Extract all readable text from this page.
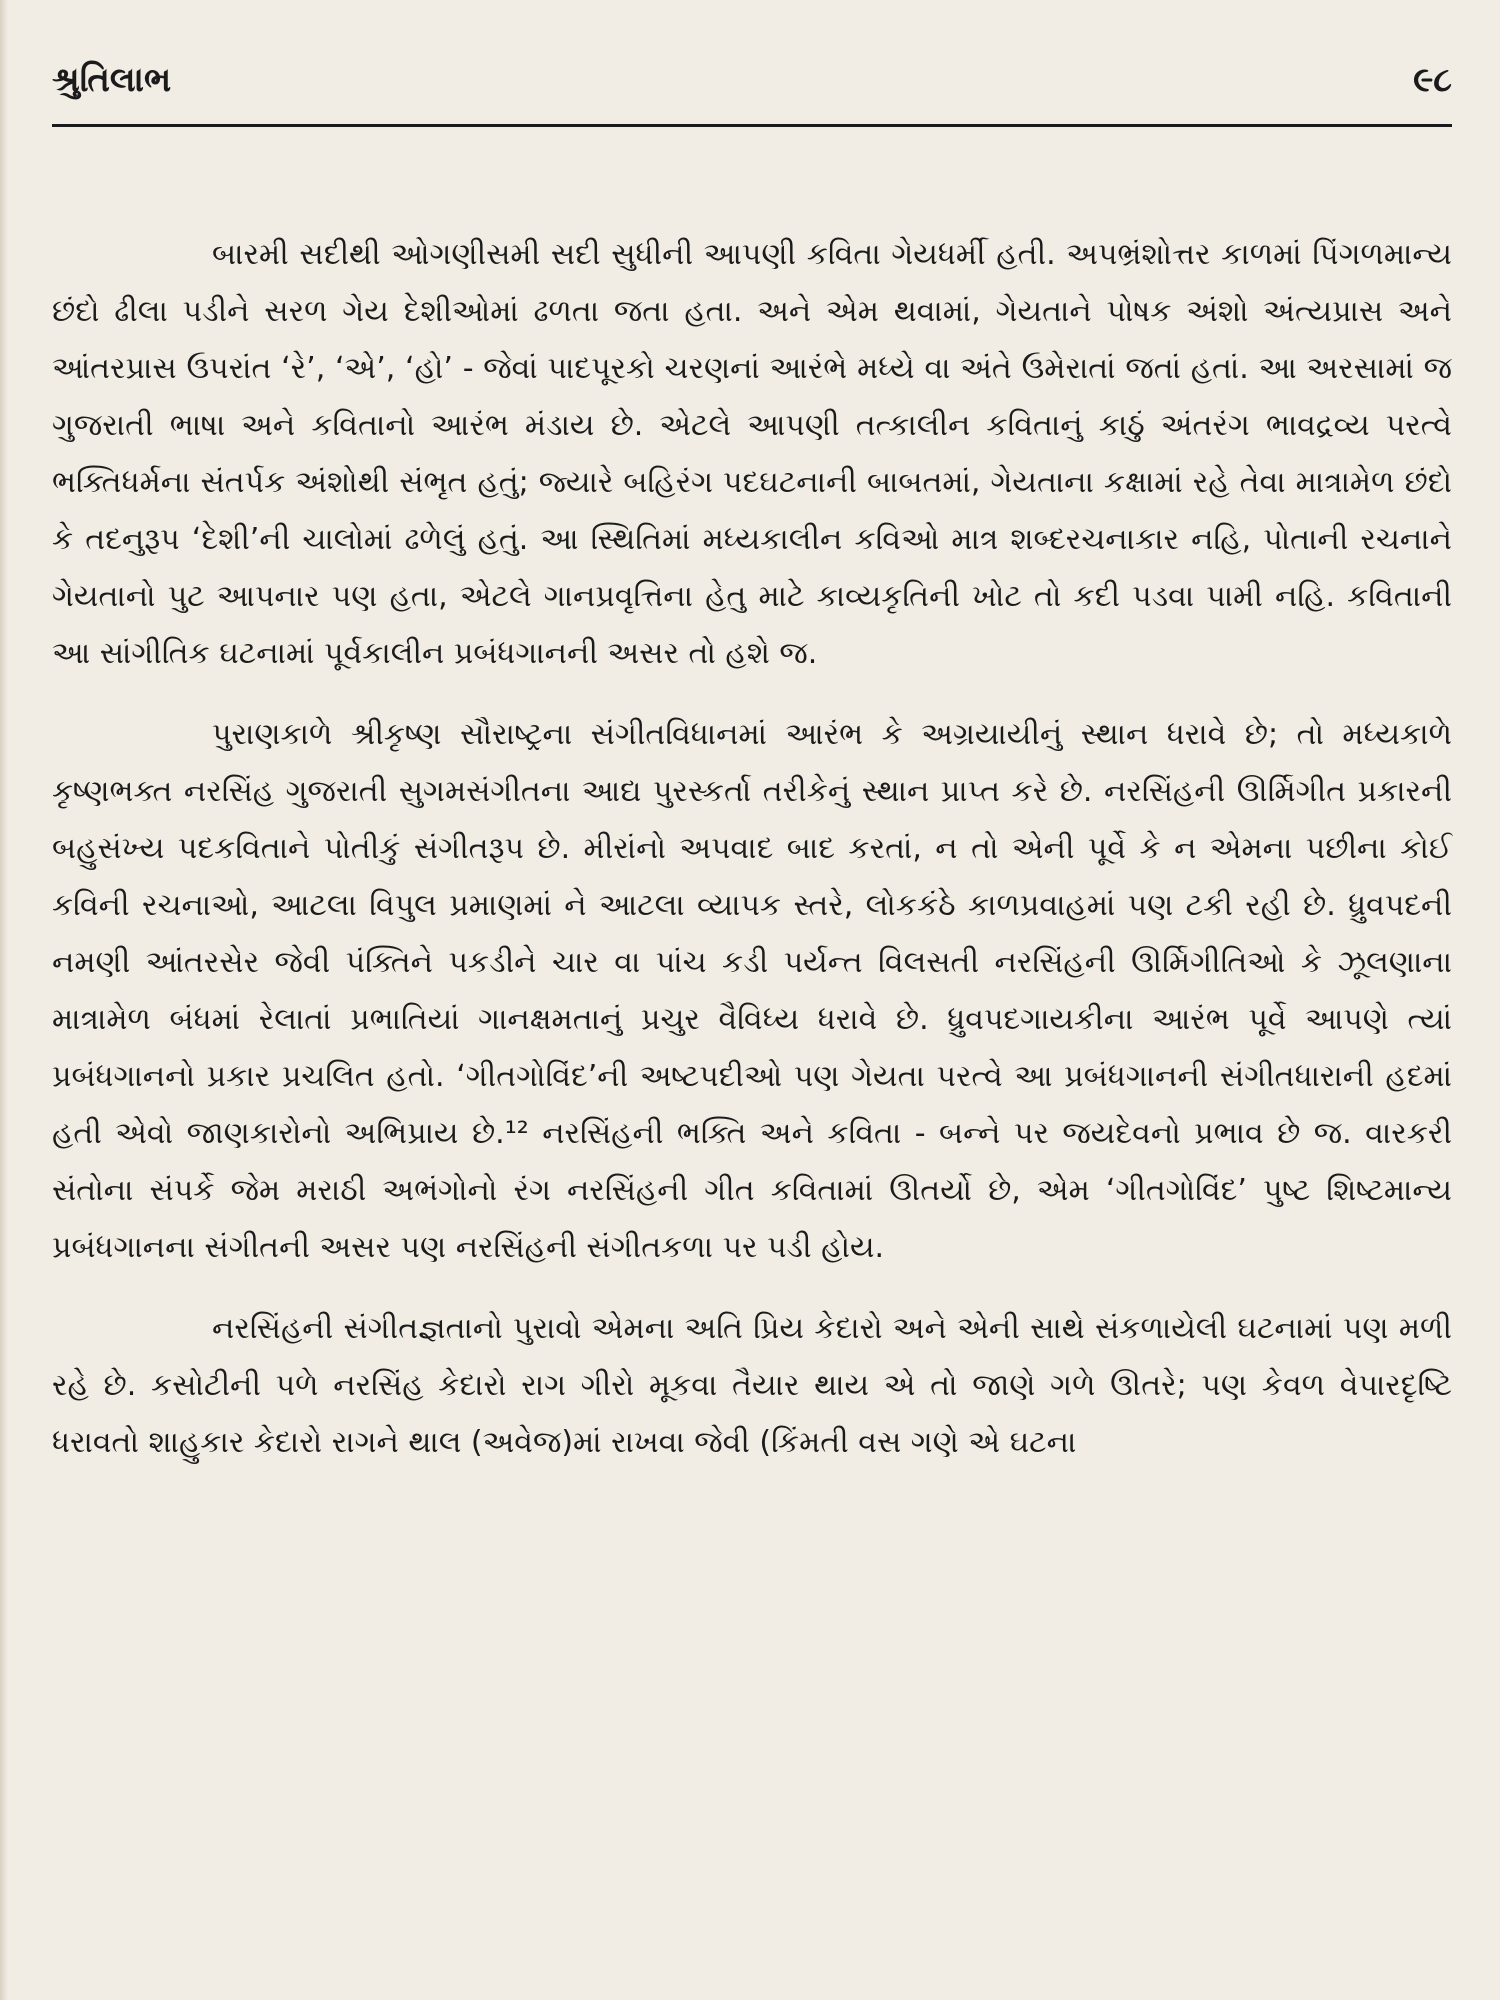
શ્રુતિલાભ	૯૮

બારમી સદીથી ઓગણીસમી સદી સુધીની આપણી કવિતા ગેયધર્મી હતી. અપભ્રંશોત્તર કાળમાં પિંગળમાન્ય છંદો ઢીલા પડીને સરળ ગેય દેશીઓમાં ઢળતા જતા હતા. અને એમ થવામાં, ગેયતાને પોષક અંશો અંત્યપ્રાસ અને આંતરપ્રાસ ઉપરાંત ‘રે’, ‘એ’, ‘હો’ - જેવાં પાદપૂરકો ચરણનાં આરંભે મધ્યે વા અંતે ઉમેરાતાં જતાં હતાં. આ અરસામાં જ ગુજરાતી ભાષા અને કવિતાનો આરંભ મંડાય છે. એટલે આપણી તત્કાલીન કવિતાનું કાઠું અંતરંગ ભાવદ્રવ્ય પરત્વે ભક્તિધર્મના સંતર્પક અંશોથી સંભૃત હતું; જ્યારે બહિરંગ પદઘટનાની બાબતમાં, ગેયતાના કક્ષામાં રહે તેવા માત્રામેળ છંદો કે તદનુરૂપ ‘દેશી’ની ચાલોમાં ઢળેલું હતું. આ સ્થિતિમાં મધ્યકાલીન કવિઓ માત્ર શબ્દરચનાકાર નહિ, પોતાની રચનાને ગેયતાનો પુટ આપનાર પણ હતા, એટલે ગાનપ્રવૃત્તિના હેતુ માટે કાવ્યકૃતિની ખોટ તો કદી પડવા પામી નહિ. કવિતાની આ સાંગીતિક ઘટનામાં પૂર્વકાલીન પ્રબંધગાનની અસર તો હશે જ.

પુરાણકાળે શ્રીકૃષ્ણ સૌરાષ્ટ્રના સંગીતવિધાનમાં આરંભ કે અગ્રયાયીનું સ્થાન ધરાવે છે; તો મધ્યકાળે કૃષ્ણભક્ત નરસિંહ ગુજરાતી સુગમસંગીતના આદ્ય પુરસ્કર્તા તરીકેનું સ્થાન પ્રાપ્ત કરે છે. નરસિંહની ઊર્મિગીત પ્રકારની બહુસંખ્ય પદકવિતાને પોતીકું સંગીતરૂપ છે. મીરાંનો અપવાદ બાદ કરતાં, ન તો એની પૂર્વે કે ન એમના પછીના કોઈ કવિની રચનાઓ, આટલા વિપુલ પ્રમાણમાં ને આટલા વ્યાપક સ્તરે, લોકકંઠે કાળપ્રવાહમાં પણ ટકી રહી છે. ધ્રુવપદની નમણી આંતરસેર જેવી પંક્તિને પકડીને ચાર વા પાંચ કડી પર્યન્ત વિલસતી નરસિંહની ઊર્મિગીતિઓ કે ઝૂલણાના માત્રામેળ બંધમાં રેલાતાં પ્રભાતિયાં ગાનક્ષમતાનું પ્રચુર વૈવિધ્ય ધરાવે છે. ધ્રુવપદગાયકીના આરંભ પૂર્વે આપણે ત્યાં પ્રબંધગાનનો પ્રકાર પ્રચલિત હતો. ‘ગીતગોવિંદ’ની અષ્ટપદીઓ પણ ગેયતા પરત્વે આ પ્રબંધગાનની સંગીતધારાની હદમાં હતી એવો જાણકારોનો અભિપ્રાય છે.¹² નરસિંહની ભક્તિ અને કવિતા - બન્ને પર જયદેવનો પ્રભાવ છે જ. વારકરી સંતોના સંપર્કે જેમ મરાઠી અભંગોનો રંગ નરસિંહની ગીત કવિતામાં ઊતર્યો છે, એમ ‘ગીતગોવિંદ’ પુષ્ટ શિષ્ટમાન્ય પ્રબંધગાનના સંગીતની અસર પણ નરસિંહની સંગીતકળા પર પડી હોય.

નરસિંહની સંગીતજ્ઞતાનો પુરાવો એમના અતિ પ્રિય કેદારો અને એની સાથે સંકળાયેલી ઘટનામાં પણ મળી રહે છે. કસોટીની પળે નરસિંહ કેદારો રાગ ગીરો મૂકવા તૈયાર થાય એ તો જાણે ગળે ઊતરે; પણ કેવળ વેપારદૃષ્ટિ ધરાવતો શાહુકાર કેદારો રાગને થાલ (અવેજ)માં રાખવા જેવી (કિંમતી વસ ગણે એ ઘટના
